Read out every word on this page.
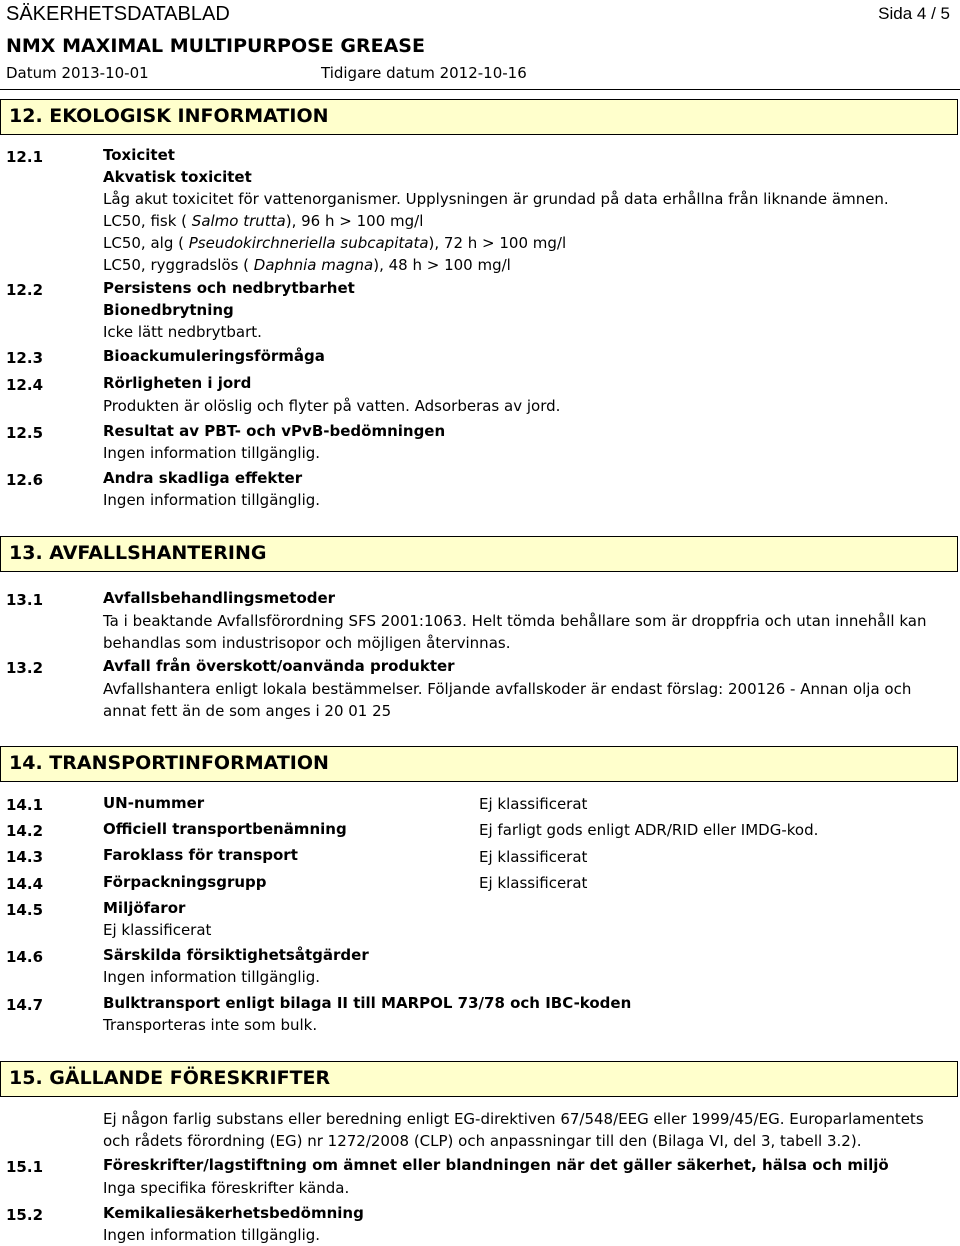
SÄKERHETSDATABLAD	Sida 4 / 5
NMX MAXIMAL MULTIPURPOSE GREASE
Datum 2013-10-01	Tidigare datum 2012-10-16
12. EKOLOGISK INFORMATION
12.1	Toxicitet
Akvatisk toxicitet
Låg akut toxicitet för vattenorganismer. Upplysningen är grundad på data erhållna från liknande ämnen.
LC50, fisk ( Salmo trutta), 96 h > 100 mg/l
LC50, alg ( Pseudokirchneriella subcapitata), 72 h > 100 mg/l
LC50, ryggradslös ( Daphnia magna), 48 h > 100 mg/l
12.2	Persistens och nedbrytbarhet
Bionedbrytning
Icke lätt nedbrytbart.
12.3	Bioackumuleringsförmåga
12.4	Rörligheten i jord
Produkten är olöslig och flyter på vatten. Adsorberas av jord.
12.5	Resultat av PBT- och vPvB-bedömningen
Ingen information tillgänglig.
12.6	Andra skadliga effekter
Ingen information tillgänglig.
13. AVFALLSHANTERING
13.1	Avfallsbehandlingsmetoder
Ta i beaktande Avfallsförordning SFS 2001:1063. Helt tömda behållare som är droppfria och utan innehåll kan
behandlas som industrisopor och möjligen återvinnas.
13.2	Avfall från överskott/oanvända produkter
Avfallshantera enligt lokala bestämmelser. Följande avfallskoder är endast förslag: 200126 - Annan olja och
annat fett än de som anges i 20 01 25
14. TRANSPORTINFORMATION
14.1	UN-nummer	Ej klassificerat
14.2	Officiell transportbenämning	Ej farligt gods enligt ADR/RID eller IMDG-kod.
14.3	Faroklass för transport	Ej klassificerat
14.4	Förpackningsgrupp	Ej klassificerat
14.5	Miljöfaror
Ej klassificerat
14.6	Särskilda försiktighetsåtgärder
Ingen information tillgänglig.
14.7	Bulktransport enligt bilaga II till MARPOL 73/78 och IBC-koden
Transporteras inte som bulk.
15. GÄLLANDE FÖRESKRIFTER
Ej någon farlig substans eller beredning enligt EG-direktiven 67/548/EEG eller 1999/45/EG. Europarlamentets
och rådets förordning (EG) nr 1272/2008 (CLP) och anpassningar till den (Bilaga VI, del 3, tabell 3.2).
15.1	Föreskrifter/lagstiftning om ämnet eller blandningen när det gäller säkerhet, hälsa och miljö
Inga specifika föreskrifter kända.
15.2	Kemikaliesäkerhetsbedömning
Ingen information tillgänglig.
